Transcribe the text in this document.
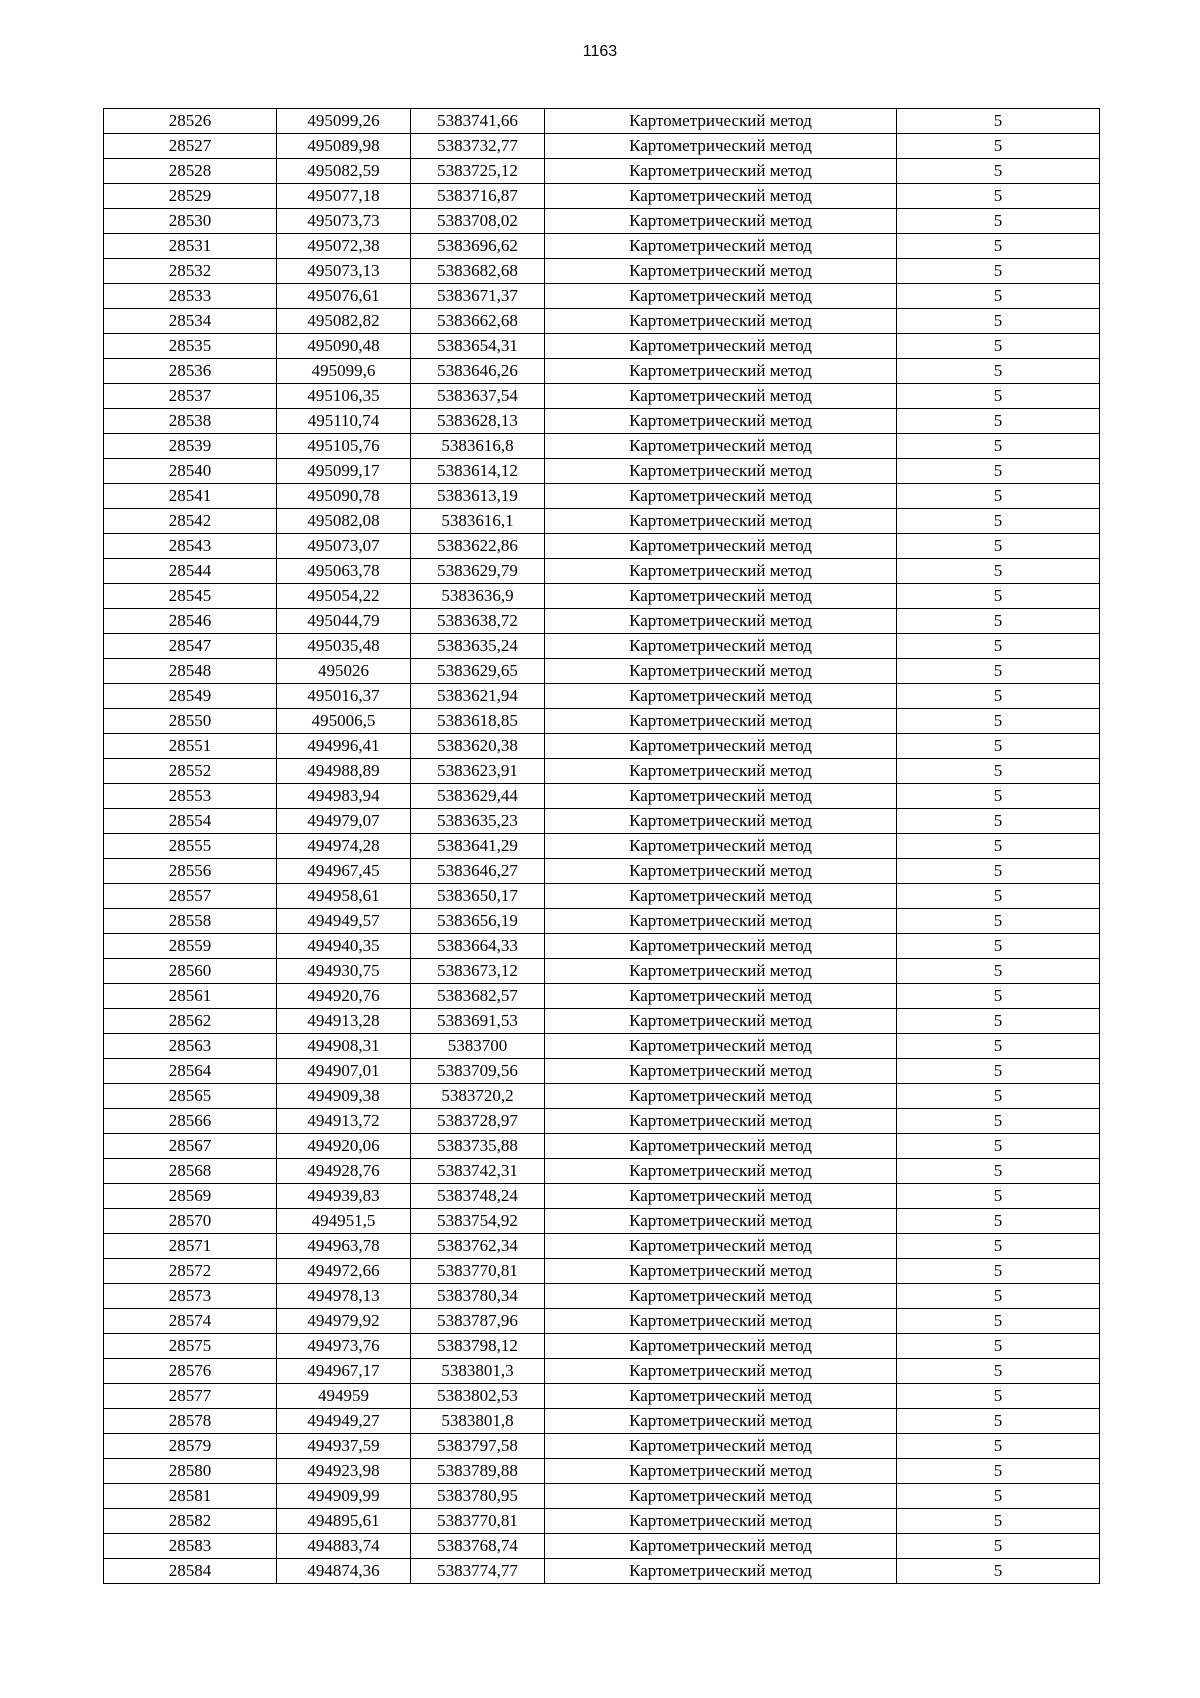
1163
28526	495099,26	5383741,66	Картометрический метод	5
28527	495089,98	5383732,77	Картометрический метод	5
28528	495082,59	5383725,12	Картометрический метод	5
28529	495077,18	5383716,87	Картометрический метод	5
28530	495073,73	5383708,02	Картометрический метод	5
28531	495072,38	5383696,62	Картометрический метод	5
28532	495073,13	5383682,68	Картометрический метод	5
28533	495076,61	5383671,37	Картометрический метод	5
28534	495082,82	5383662,68	Картометрический метод	5
28535	495090,48	5383654,31	Картометрический метод	5
28536	495099,6	5383646,26	Картометрический метод	5
28537	495106,35	5383637,54	Картометрический метод	5
28538	495110,74	5383628,13	Картометрический метод	5
28539	495105,76	5383616,8	Картометрический метод	5
28540	495099,17	5383614,12	Картометрический метод	5
28541	495090,78	5383613,19	Картометрический метод	5
28542	495082,08	5383616,1	Картометрический метод	5
28543	495073,07	5383622,86	Картометрический метод	5
28544	495063,78	5383629,79	Картометрический метод	5
28545	495054,22	5383636,9	Картометрический метод	5
28546	495044,79	5383638,72	Картометрический метод	5
28547	495035,48	5383635,24	Картометрический метод	5
28548	495026	5383629,65	Картометрический метод	5
28549	495016,37	5383621,94	Картометрический метод	5
28550	495006,5	5383618,85	Картометрический метод	5
28551	494996,41	5383620,38	Картометрический метод	5
28552	494988,89	5383623,91	Картометрический метод	5
28553	494983,94	5383629,44	Картометрический метод	5
28554	494979,07	5383635,23	Картометрический метод	5
28555	494974,28	5383641,29	Картометрический метод	5
28556	494967,45	5383646,27	Картометрический метод	5
28557	494958,61	5383650,17	Картометрический метод	5
28558	494949,57	5383656,19	Картометрический метод	5
28559	494940,35	5383664,33	Картометрический метод	5
28560	494930,75	5383673,12	Картометрический метод	5
28561	494920,76	5383682,57	Картометрический метод	5
28562	494913,28	5383691,53	Картометрический метод	5
28563	494908,31	5383700	Картометрический метод	5
28564	494907,01	5383709,56	Картометрический метод	5
28565	494909,38	5383720,2	Картометрический метод	5
28566	494913,72	5383728,97	Картометрический метод	5
28567	494920,06	5383735,88	Картометрический метод	5
28568	494928,76	5383742,31	Картометрический метод	5
28569	494939,83	5383748,24	Картометрический метод	5
28570	494951,5	5383754,92	Картометрический метод	5
28571	494963,78	5383762,34	Картометрический метод	5
28572	494972,66	5383770,81	Картометрический метод	5
28573	494978,13	5383780,34	Картометрический метод	5
28574	494979,92	5383787,96	Картометрический метод	5
28575	494973,76	5383798,12	Картометрический метод	5
28576	494967,17	5383801,3	Картометрический метод	5
28577	494959	5383802,53	Картометрический метод	5
28578	494949,27	5383801,8	Картометрический метод	5
28579	494937,59	5383797,58	Картометрический метод	5
28580	494923,98	5383789,88	Картометрический метод	5
28581	494909,99	5383780,95	Картометрический метод	5
28582	494895,61	5383770,81	Картометрический метод	5
28583	494883,74	5383768,74	Картометрический метод	5
28584	494874,36	5383774,77	Картометрический метод	5
